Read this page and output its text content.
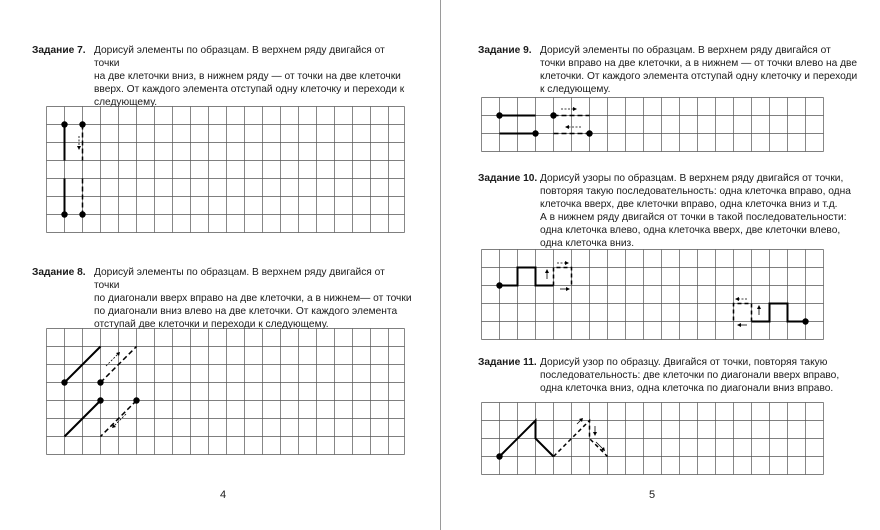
Задание 7. Дорисуй элементы по образцам. В верхнем ряду двигайся от точки
на две клеточки вниз, в нижнем ряду — от точки на две клеточки
вверх. От каждого элемента отступай одну клеточку и переходи к
следующему.
Задание 8. Дорисуй элементы по образцам. В верхнем ряду двигайся от точки
по диагонали вверх вправо на две клеточки, а в нижнем— от точки
по диагонали вниз влево на две клеточки. От каждого элемента
отступай две клеточки и переходи к следующему.
4
Задание 9. Дорисуй элементы по образцам. В верхнем ряду двигайся от
точки вправо на две клеточки, а в нижнем — от точки влево на две
клеточки. От каждого элемента отступай одну клеточку и переходи
к следующему.
Задание 10. Дорисуй узоры по образцам. В верхнем ряду двигайся от точки,
повторяя такую последовательность: одна клеточка вправо, одна
клеточка вверх, две клеточки вправо, одна клеточка вниз и т.д.
А в нижнем ряду двигайся от точки в такой последовательности:
одна клеточка влево, одна клеточка вверх, две клеточки влево,
одна клеточка вниз.
Задание 11. Дорисуй узор по образцу. Двигайся от точки, повторяя такую
последовательность: две клеточки по диагонали вверх вправо,
одна клеточка вниз, одна клеточка по диагонали вниз вправо.
5
